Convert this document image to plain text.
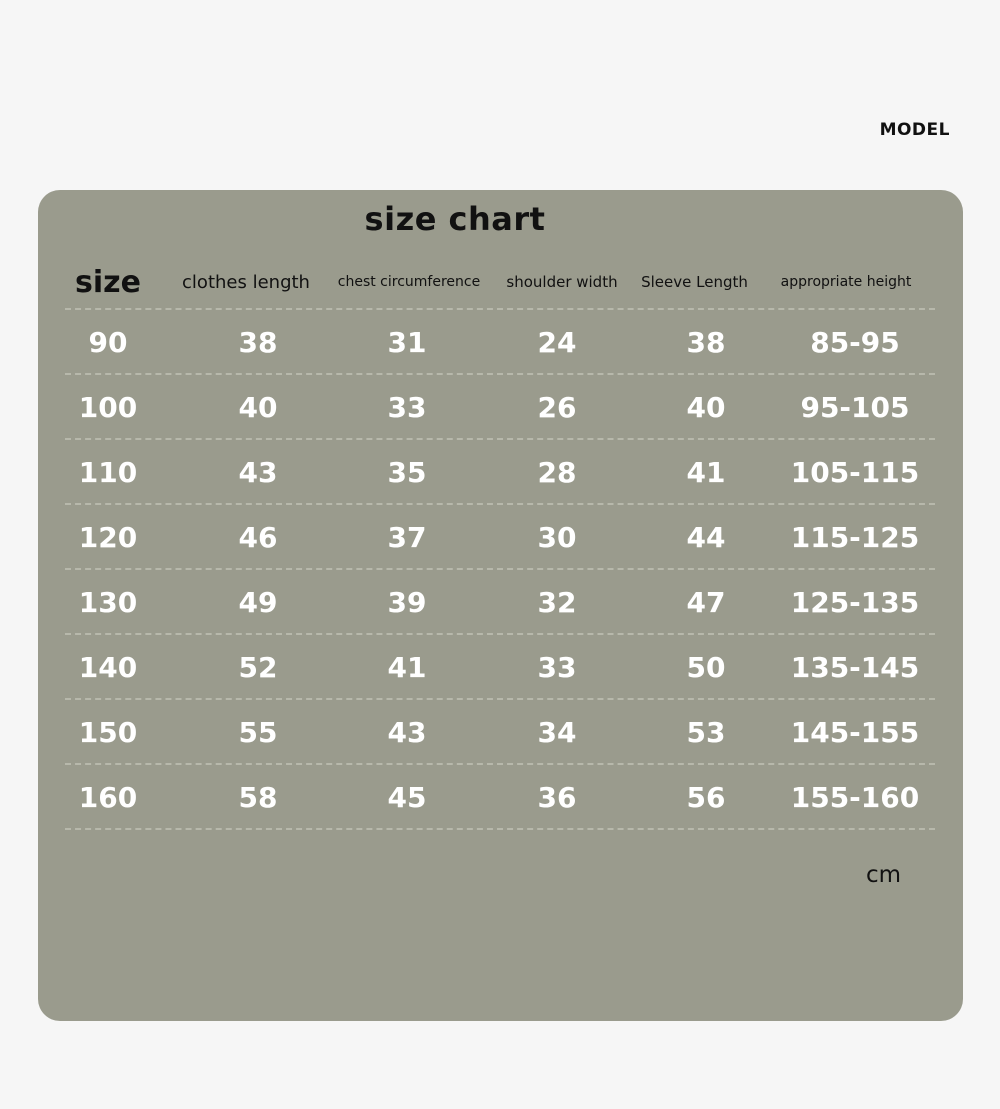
MODEL
size chart
size	clothes length	chest circumference	shoulder width	Sleeve Length	appropriate height
90	38	31	24	38	85-95
100	40	33	26	40	95-105
110	43	35	28	41	105-115
120	46	37	30	44	115-125
130	49	39	32	47	125-135
140	52	41	33	50	135-145
150	55	43	34	53	145-155
160	58	45	36	56	155-160
cm
